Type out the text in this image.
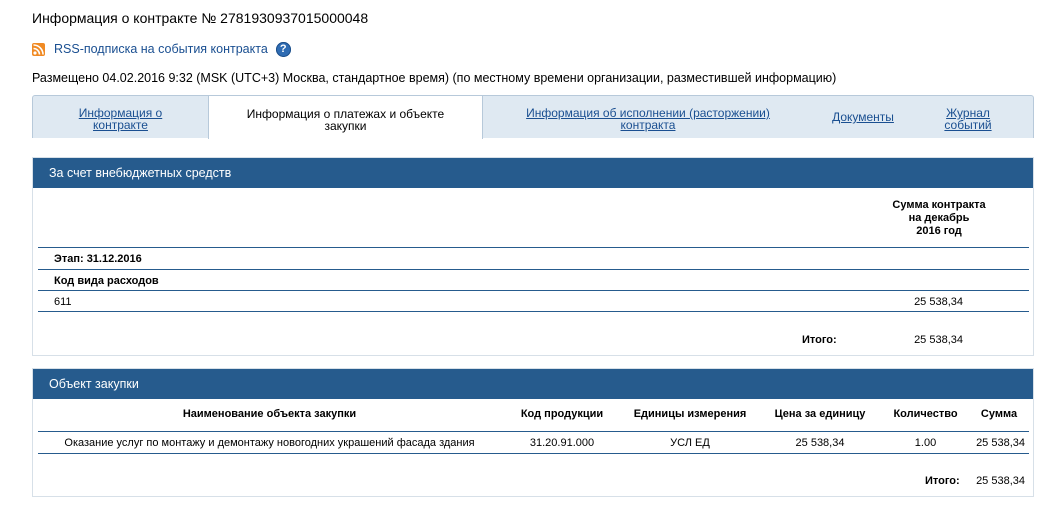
Информация о контракте № 2781930937015000048
RSS-подписка на события контракта	?
Размещено 04.02.2016 9:32 (MSK (UTC+3) Москва, стандартное время) (по местному времени организации, разместившей информацию)
Информация о
контракте
Информация о платежах и объекте
закупки
Информация об исполнении (расторжении)
контракта
Документы	Журнал
событий
За счет внебюджетных средств
Сумма контракта
на декабрь
2016 год
Этап: 31.12.2016
Код вида расходов
611	25 538,34
Итого:	25 538,34
Объект закупки
Наименование объекта закупки	Код продукции	Единицы измерения	Цена за единицу	Количество	Сумма
Оказание услуг по монтажу и демонтажу новогодних украшений фасада здания	31.20.91.000	УСЛ ЕД	25 538,34	1.00	25 538,34
Итого:	25 538,34
